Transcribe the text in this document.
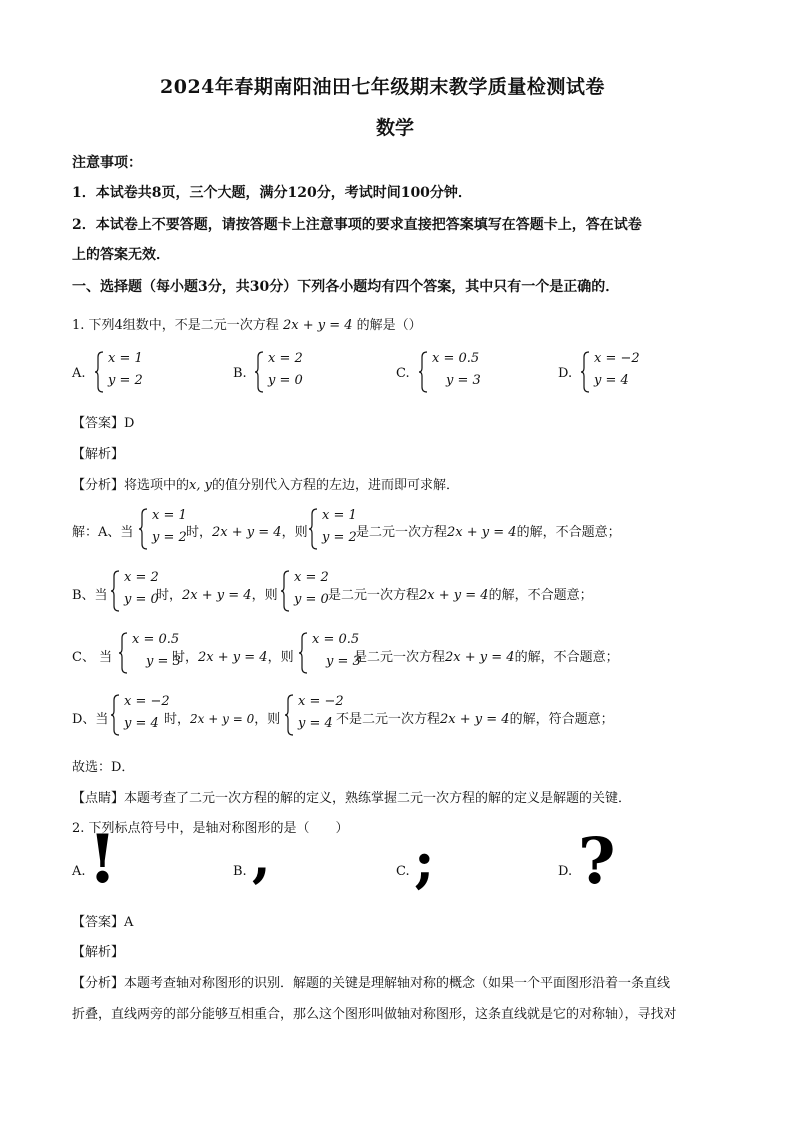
2024年春期南阳油田七年级期末教学质量检测试卷
数学
注意事项：
1．本试卷共8页，三个大题，满分120分，考试时间100分钟．
2．本试卷上不要答题，请按答题卡上注意事项的要求直接把答案填写在答题卡上，答在试卷
上的答案无效．
一、选择题（每小题3分，共30分）下列各小题均有四个答案，其中只有一个是正确的．
1. 下列4组数中，不是二元一次方程 2x + y = 4 的解是（）
A.
x = 1
y = 2	B.
x = 2
y = 0	C.
x = 0.5
y = 3	D.
x = −2
y = 4
【答案】D
【解析】
【分析】将选项中的x, y的值分别代入方程的左边，进而即可求解．
解：A、当
x = 1
y = 2 时，2x + y = 4，则
x = 1
y = 2 是二元一次方程2x + y = 4的解，不合题意；
B、当
x = 2
y = 0
时，2x + y = 4，则
x = 2
y = 0 是二元一次方程2x + y = 4的解，不合题意；
C、 当
x = 0.5
y = 3
时，2x + y = 4，则
x = 0.5
y = 3
是二元一次方程2x + y = 4的解，不合题意；
D、当
x = −2
y = 4 时，2x + y = 0，则
x = −2
y = 4 不是二元一次方程2x + y = 4的解，符合题意；
故选：D．
【点睛】本题考查了二元一次方程的解的定义，熟练掌握二元一次方程的解的定义是解题的关键．
2. 下列标点符号中，是轴对称图形的是（　　）
A. !	B. ,	C. ;	D. ?
【答案】A
【解析】
【分析】本题考查轴对称图形的识别．解题的关键是理解轴对称的概念（如果一个平面图形沿着一条直线
折叠，直线两旁的部分能够互相重合，那么这个图形叫做轴对称图形，这条直线就是它的对称轴），寻找对
